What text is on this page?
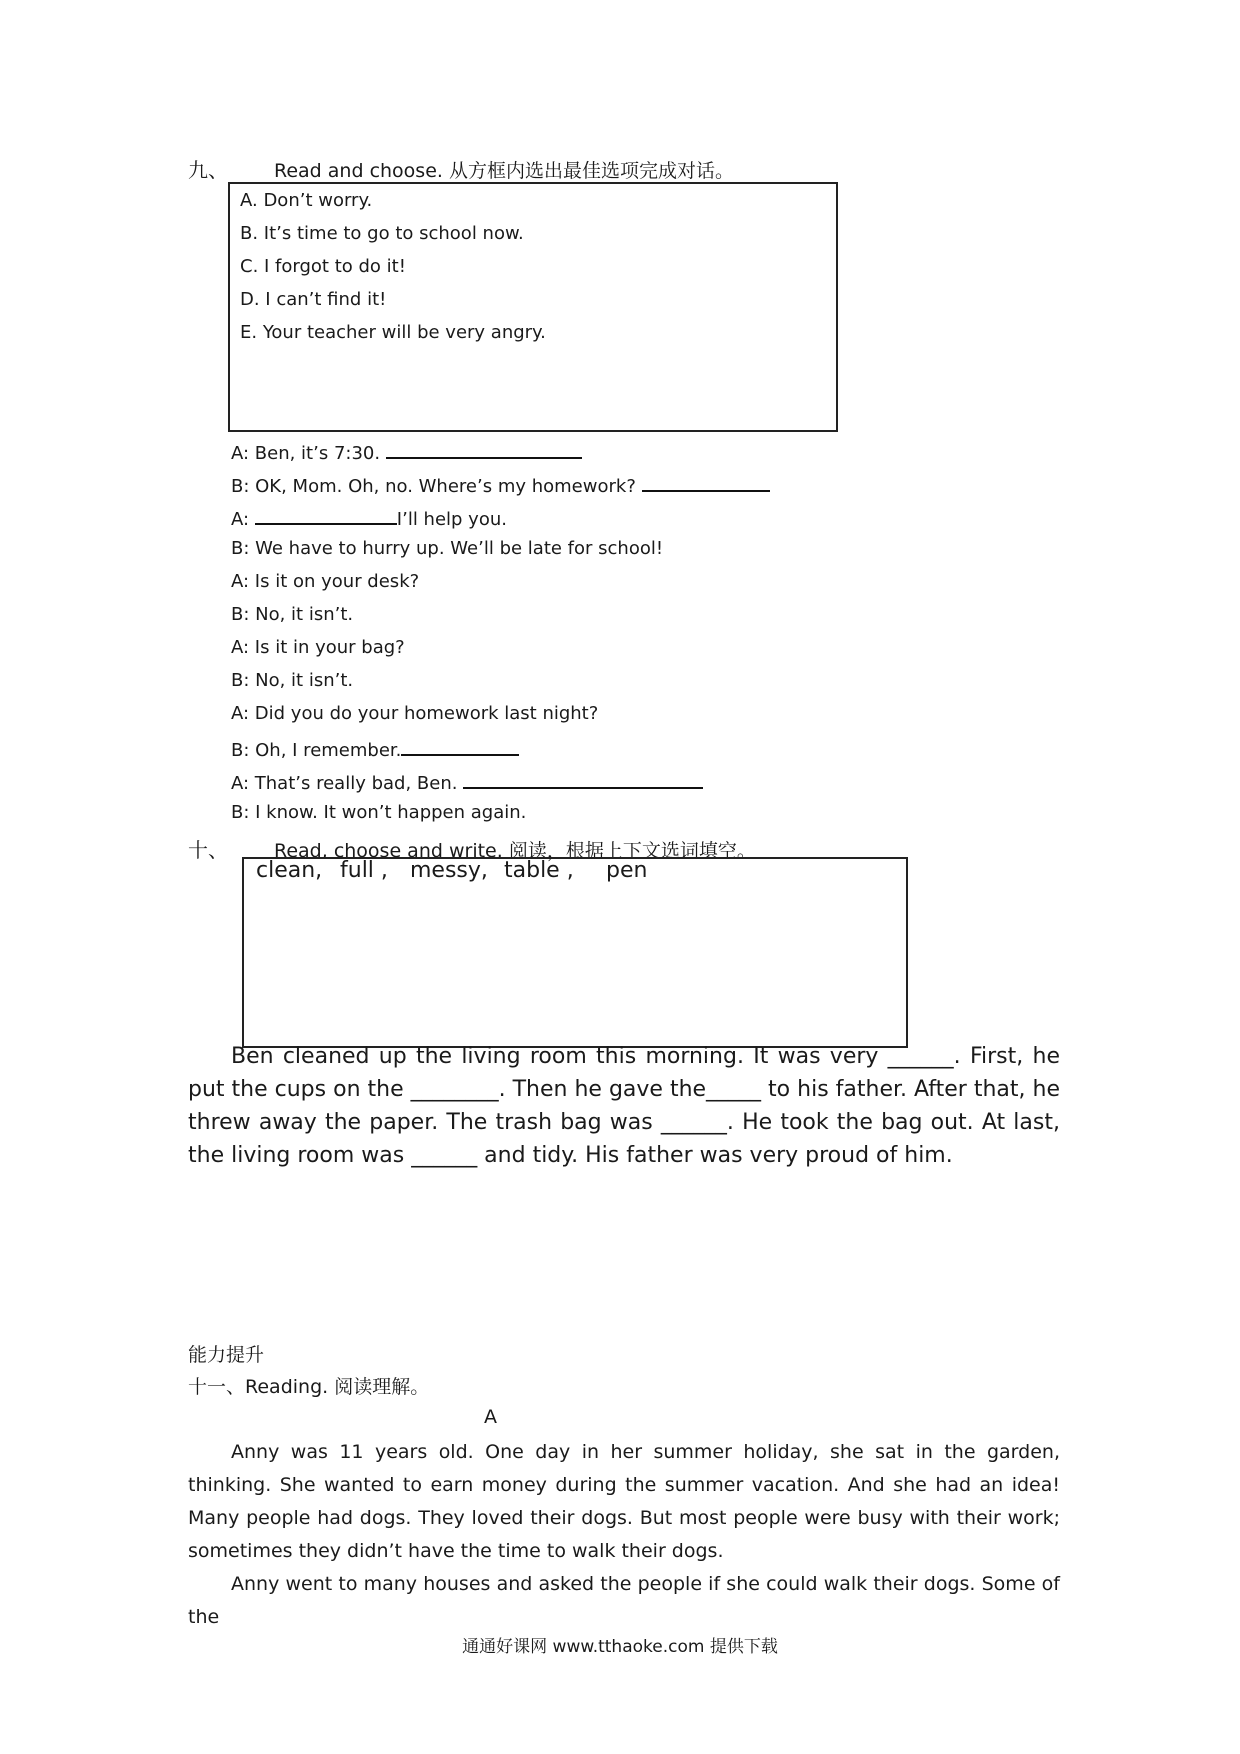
九、 Read and choose. 从方框内选出最佳选项完成对话。
A. Don’t worry.
B. It’s time to go to school now.
C. I forgot to do it!
D. I can’t find it!
E. Your teacher will be very angry.
A: Ben, it’s 7:30.
B: OK, Mom. Oh, no. Where’s my homework?
A:	I’ll help you.
B: We have to hurry up. We’ll be late for school!
A: Is it on your desk?
B: No, it isn’t.
A: Is it in your bag?
B: No, it isn’t.
A: Did you do your homework last night?
B: Oh, I remember.
A: That’s really bad, Ben.
B: I know. It won’t happen again.
十、 Read, choose and write. 阅读，根据上下文选词填空。
clean, full , messy, table , pen

Ben cleaned up the living room this morning. It was very ______. First, he put the cups on the ________. Then he gave the_____ to his father. After that, he threw away the paper. The trash bag was ______. He took the bag out. At last, the living room was ______ and tidy. His father was very proud of him.

能力提升
十一、Reading. 阅读理解。
A

Anny was 11 years old. One day in her summer holiday, she sat in the garden, thinking. She wanted to earn money during the summer vacation. And she had an idea! Many people had dogs. They loved their dogs. But most people were busy with their work; sometimes they didn’t have the time to walk their dogs.

Anny went to many houses and asked the people if she could walk their dogs. Some of the

通通好课网 www.tthaoke.com 提供下载
